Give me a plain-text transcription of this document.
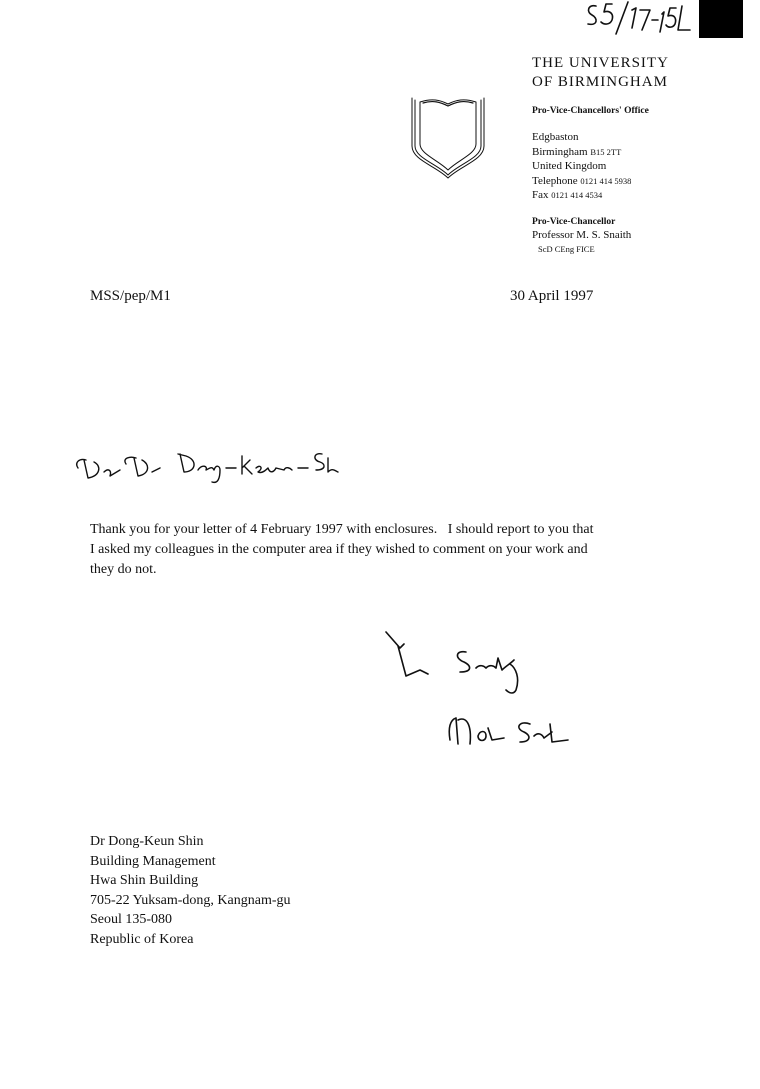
THE UNIVERSITY
OF BIRMINGHAM
Pro-Vice-Chancellors' Office
Edgbaston
Birmingham B15 2TT
United Kingdom
Telephone 0121 414 5938
Fax 0121 414 4534
Pro-Vice-Chancellor
Professor M. S. Snaith
ScD CEng FICE
MSS/pep/M1	30 April 1997
Thank you for your letter of 4 February 1997 with enclosures.   I should report to you that
I asked my colleagues in the computer area if they wished to comment on your work and
they do not.
Dr Dong-Keun Shin
Building Management
Hwa Shin Building
705-22 Yuksam-dong, Kangnam-gu
Seoul 135-080
Republic of Korea
